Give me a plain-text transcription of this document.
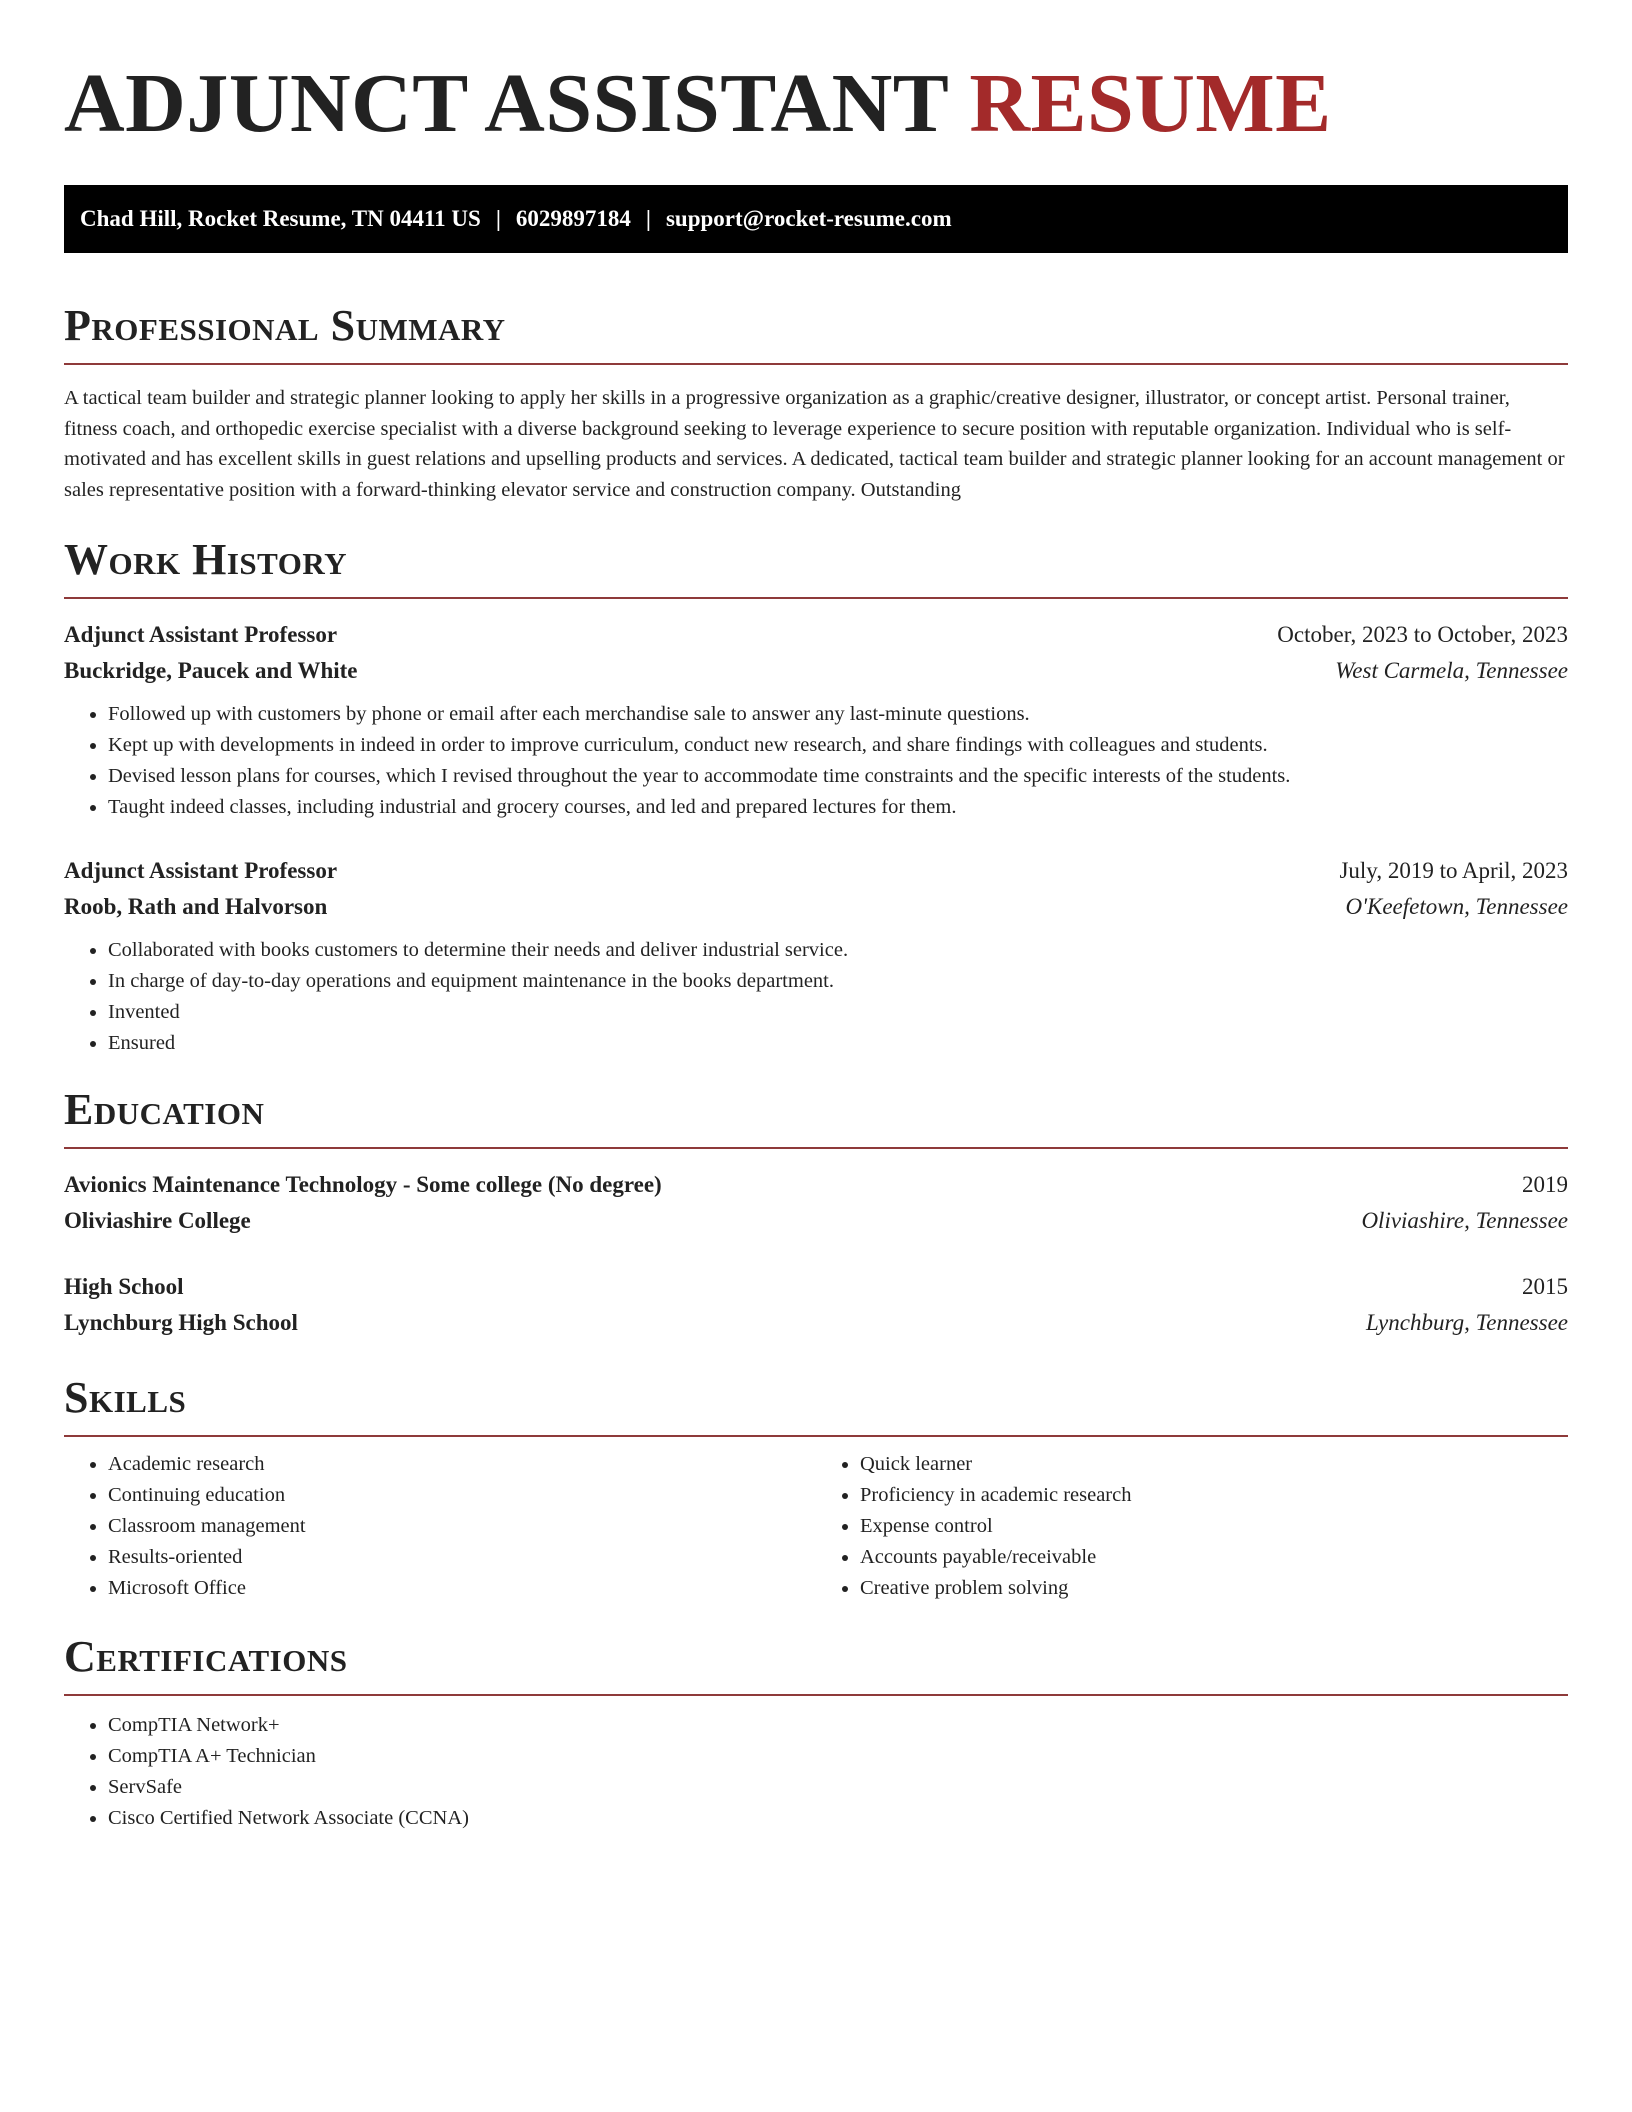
ADJUNCT ASSISTANT RESUME
Chad Hill, Rocket Resume, TN 04411 US | 6029897184 | support@rocket-resume.com
Professional Summary

A tactical team builder and strategic planner looking to apply her skills in a progressive organization as a graphic/creative designer, illustrator, or concept artist. Personal trainer, fitness coach, and orthopedic exercise specialist with a diverse background seeking to leverage experience to secure position with reputable organization. Individual who is self-motivated and has excellent skills in guest relations and upselling products and services. A dedicated, tactical team builder and strategic planner looking for an account management or sales representative position with a forward-thinking elevator service and construction company. Outstanding

Work History
Adjunct Assistant Professor	October, 2023 to October, 2023
Buckridge, Paucek and White	West Carmela, Tennessee
• Followed up with customers by phone or email after each merchandise sale to answer any last-minute questions.
• Kept up with developments in indeed in order to improve curriculum, conduct new research, and share findings with colleagues and students.
• Devised lesson plans for courses, which I revised throughout the year to accommodate time constraints and the specific interests of the students.
• Taught indeed classes, including industrial and grocery courses, and led and prepared lectures for them.
Adjunct Assistant Professor	July, 2019 to April, 2023
Roob, Rath and Halvorson	O'Keefetown, Tennessee
• Collaborated with books customers to determine their needs and deliver industrial service.
• In charge of day-to-day operations and equipment maintenance in the books department.
• Invented
• Ensured
Education
Avionics Maintenance Technology - Some college (No degree)	2019
Oliviashire College	Oliviashire, Tennessee
High School	2015
Lynchburg High School	Lynchburg, Tennessee
Skills
• Academic research
• Continuing education
• Classroom management
• Results-oriented
• Microsoft Office
• Quick learner
• Proficiency in academic research
• Expense control
• Accounts payable/receivable
• Creative problem solving
Certifications
• CompTIA Network+
• CompTIA A+ Technician
• ServSafe
• Cisco Certified Network Associate (CCNA)
